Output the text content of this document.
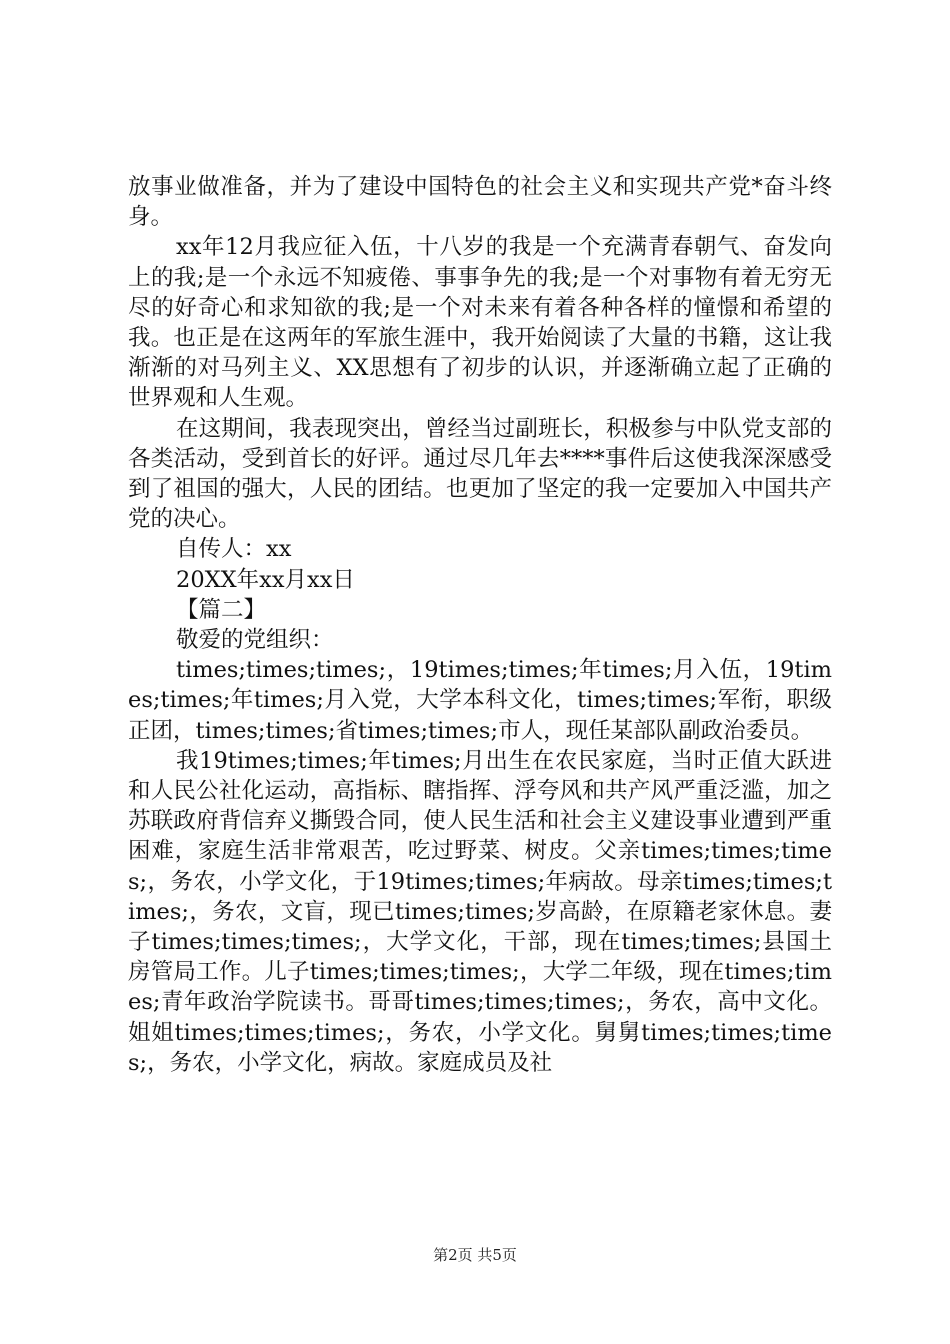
放事业做准备，并为了建设中国特色的社会主义和实现共产党*奋斗终身。

xx年12月我应征入伍，十八岁的我是一个充满青春朝气、奋发向上的我;是一个永远不知疲倦、事事争先的我;是一个对事物有着无穷无尽的好奇心和求知欲的我;是一个对未来有着各种各样的憧憬和希望的我。也正是在这两年的军旅生涯中，我开始阅读了大量的书籍，这让我渐渐的对马列主义、XX思想有了初步的认识，并逐渐确立起了正确的世界观和人生观。

在这期间，我表现突出，曾经当过副班长，积极参与中队党支部的各类活动，受到首长的好评。通过尽几年去****事件后这使我深深感受到了祖国的强大，人民的团结。也更加了坚定的我一定要加入中国共产党的决心。

自传人：xx

20XX年xx月xx日

【篇二】

敬爱的党组织：

times;times;times;，19times;times;年times;月入伍，19times;times;年times;月入党，大学本科文化，times;times;军衔，职级正团，times;times;省times;times;市人，现任某部队副政治委员。

我19times;times;年times;月出生在农民家庭，当时正值大跃进和人民公社化运动，高指标、瞎指挥、浮夸风和共产风严重泛滥，加之苏联政府背信弃义撕毁合同，使人民生活和社会主义建设事业遭到严重困难，家庭生活非常艰苦，吃过野菜、树皮。父亲times;times;times;，务农，小学文化，于19times;times;年病故。母亲times;times;times;，务农，文盲，现已times;times;岁高龄，在原籍老家休息。妻子times;times;times;，大学文化，干部，现在times;times;县国土房管局工作。儿子times;times;times;，大学二年级，现在times;times;青年政治学院读书。哥哥times;times;times;，务农，高中文化。姐姐times;times;times;，务农，小学文化。舅舅times;times;times;，务农，小学文化，病故。家庭成员及社

第2页 共5页
